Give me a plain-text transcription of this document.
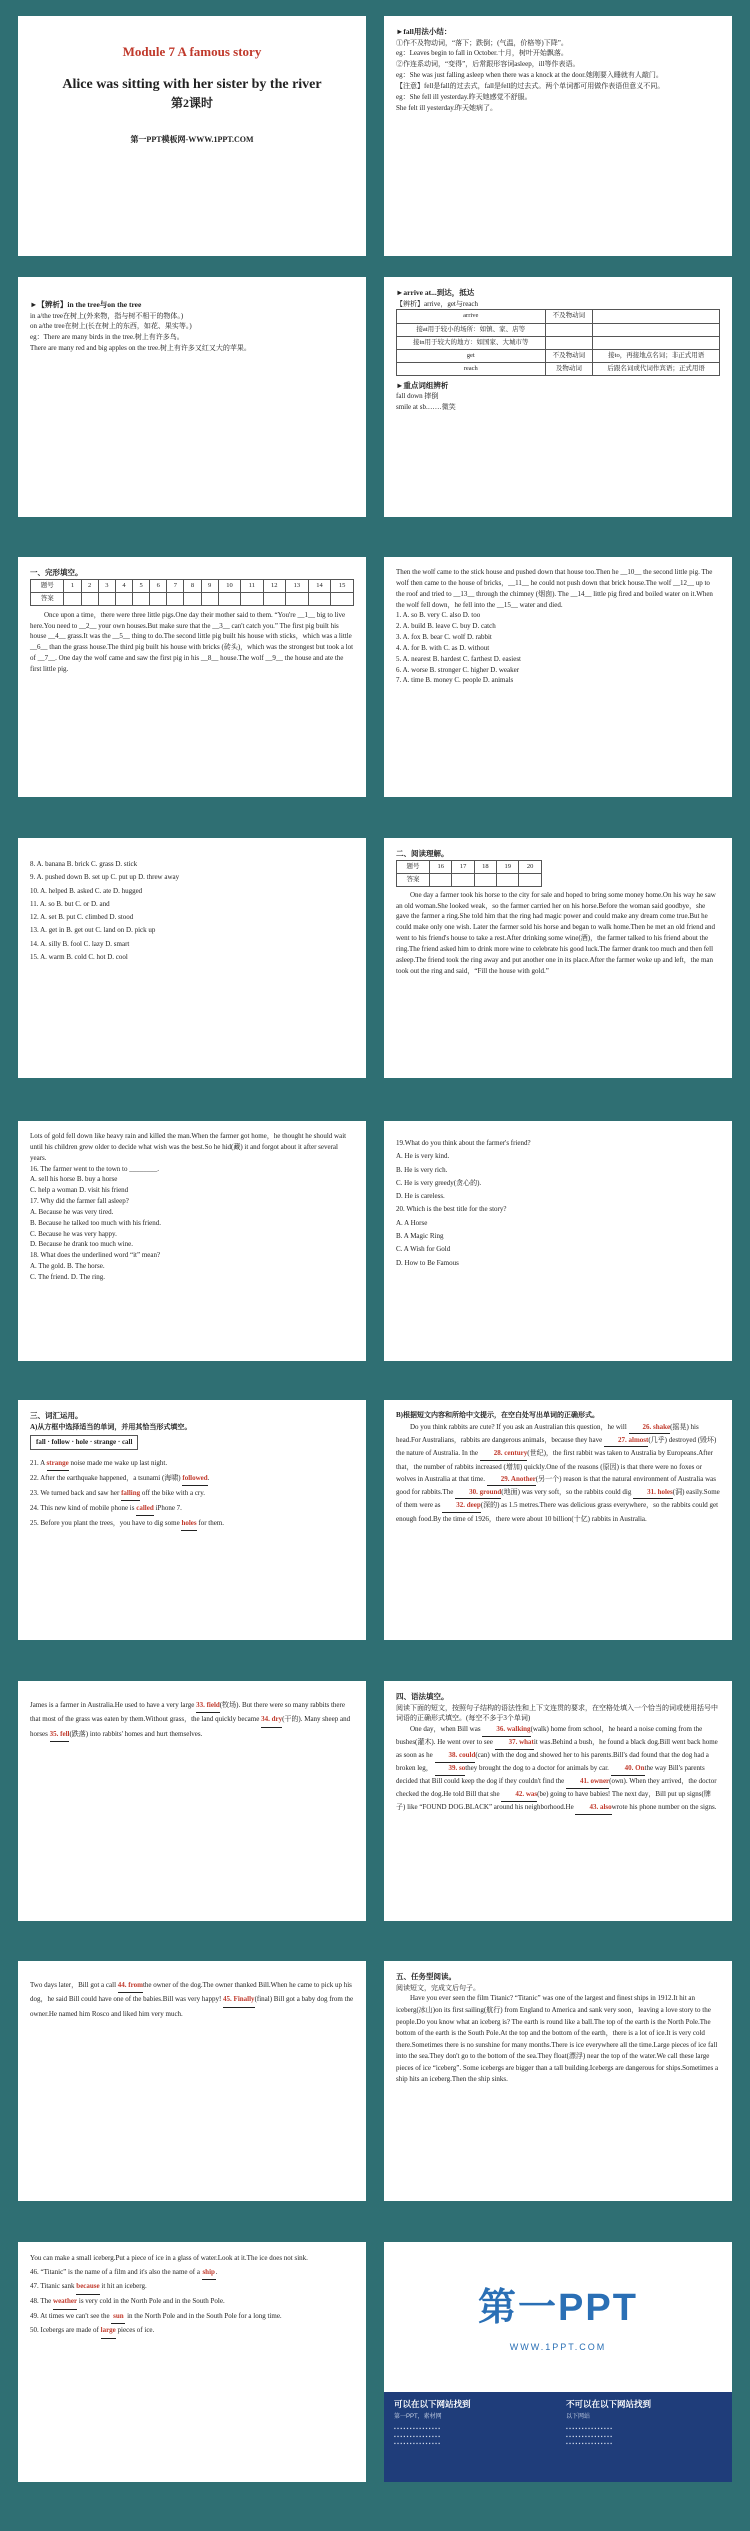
Module 7 A famous story
Alice was sitting with her sister by the river
第2课时
第一PPT模板网-WWW.1PPT.COM
►fall用法小结：
①作不及物动词，“落下；跌倒；(气温，价格等)下降”。
eg：Leaves begin to fall in October.十月，树叶开始飘落。
②作连系动词，“变得”，后常跟形容词asleep，ill等作表语。
eg：She was just falling asleep when there was a knock at the door.她刚要入睡就有人敲门。
【注意】fell是fall的过去式，fall是fell的过去式。两个单词都可用做作表语但意义不同。
eg：She fell ill yesterday.昨天她感觉不舒服。
She felt ill yesterday.昨天她病了。
►【辨析】in the tree与on the tree
in a/the tree在树上(外来物，指与树不相干的物体。)
on a/the tree在树上(长在树上的东西，如花、果实等。)
eg：There are many birds in the tree.树上有许多鸟。
There are many red and big apples on the tree.树上有许多又红又大的苹果。
►arrive at...到达，抵达
【辨析】arrive，get与reach
arrive	不及物动词	
接at用于较小的场所：如镇、家、店等		
接in用于较大的地方：如国家、大城市等		
get	不及物动词	接to，再接地点名词；非正式用语
reach	及物动词	后跟名词或代词作宾语；正式用语
►重点词组辨析
fall down 摔倒
smile at sb.……微笑
一、完形填空。
题号	1	2	3	4	5	6	7	8	9	10	11	12	13	14	15
答案															
Once upon a time，there were three little pigs.One day their mother said to them. “You're __1__ big to live here.You need to __2__ your own houses.But make sure that the __3__ can't catch you.” The first pig built his house __4__ grass.It was the __5__ thing to do.The second little pig built his house with sticks，which was a little __6__ than the grass house.The third pig built his house with bricks (砖头)，which was the strongest but took a lot of __7__. One day the wolf came and saw the first pig in his __8__ house.The wolf __9__ the house and ate the first little pig.
Then the wolf came to the stick house and pushed down that house too.Then he __10__ the second little pig. The wolf then came to the house of bricks，__11__ he could not push down that brick house.The wolf __12__ up to the roof and tried to __13__ through the chimney (烟囱). The __14__ little pig fired and boiled water on it.When the wolf fell down，he fell into the __15__ water and died.
1. A. so B. very C. also D. too
2. A. build B. leave C. buy D. catch
3. A. fox B. bear C. wolf D. rabbit
4. A. for B. with C. as D. without
5. A. nearest B. hardest C. farthest D. easiest
6. A. worse B. stronger C. higher D. weaker
7. A. time B. money C. people D. animals
8. A. banana B. brick C. grass D. stick
9. A. pushed down B. set up C. put up D. threw away
10. A. helped B. asked C. ate D. hugged
11. A. so B. but C. or D. and
12. A. set B. put C. climbed D. stood
13. A. get in B. get out C. land on D. pick up
14. A. silly B. fool C. lazy D. smart
15. A. warm B. cold C. hot D. cool
二、阅读理解。
题号	16	17	18	19	20
答案					
One day a farmer took his horse to the city for sale and hoped to bring some money home.On his way he saw an old woman.She looked weak，so the farmer carried her on his horse.Before the woman said goodbye，she gave the farmer a ring.She told him that the ring had magic power and could make any dream come true.But he could make only one wish. Later the farmer sold his horse and began to walk home.Then he met an old friend and went to his friend's house to take a rest.After drinking some wine(酒)，the farmer talked to his friend about the ring.The friend asked him to drink more wine to celebrate his good luck.The farmer drank too much and then fell asleep.The friend took the ring away and put another one in its place.After the farmer woke up and left，the man took out the ring and said，“Fill the house with gold.”
Lots of gold fell down like heavy rain and killed the man.When the farmer got home，he thought he should wait until his children grew older to decide what wish was the best.So he hid(藏) it and forgot about it after several years.
16. The farmer went to the town to ________.
A. sell his horse B. buy a horse
C. help a woman D. visit his friend
17. Why did the farmer fall asleep?
A. Because he was very tired.
B. Because he talked too much with his friend.
C. Because he was very happy.
D. Because he drank too much wine.
18. What does the underlined word “it” mean?
A. The gold. B. The horse.
C. The friend. D. The ring.
19.What do you think about the farmer's friend?
A. He is very kind.
B. He is very rich.
C. He is very greedy(贪心的).
D. He is careless.
20. Which is the best title for the story?
A. A Horse
B. A Magic Ring
C. A Wish for Gold
D. How to Be Famous
三、词汇运用。
A)从方框中选择适当的单词，并用其恰当形式填空。
fall · follow · hole · strange · call
21. A strange noise made me wake up last night.
22. After the earthquake happened，a tsunami (海啸) followed.
23. We turned back and saw her falling off the bike with a cry.
24. This new kind of mobile phone is called iPhone 7.
25. Before you plant the trees，you have to dig some holes for them.
B)根据短文内容和所给中文提示，在空白处写出单词的正确形式。
Do you think rabbits are cute? If you ask an Australian this question，he will 26. shake(摇晃) his head.For Australians，rabbits are dangerous animals，because they have 27. almost(几乎) destroyed (毁坏) the nature of Australia. In the 28. century(世纪)，the first rabbit was taken to Australia by Europeans.After that，the number of rabbits increased (增加) quickly.One of the reasons (原因) is that there were no foxes or wolves in Australia at that time. 29. Another(另一个) reason is that the natural environment of Australia was good for rabbits.The 30. ground(地面) was very soft，so the rabbits could dig 31. holes(洞) easily.Some of them were as 32. deep(深的) as 1.5 metres.There was delicious grass everywhere，so the rabbits could get enough food.By the time of 1926，there were about 10 billion(十亿) rabbits in Australia.
James is a farmer in Australia.He used to have a very large 33. field(牧场). But there were so many rabbits there that most of the grass was eaten by them.Without grass，the land quickly became 34. dry(干的). Many sheep and horses 35. fell(跌落) into rabbits' homes and hurt themselves.
四、语法填空。
阅读下面的短文，按照句子结构的语法性和上下文连贯的要求，在空格处填入一个恰当的词或使用括号中词语的正确形式填空。(每空不多于3个单词)
One day，when Bill was 36. walking(walk) home from school，he heard a noise coming from the bushes(灌木). He went over to see 37. whatit was.Behind a bush，he found a black dog.Bill went back home as soon as he 38. could(can) with the dog and showed her to his parents.Bill's dad found that the dog had a broken leg， 39. sothey brought the dog to a doctor for animals by car. 40. Onthe way Bill's parents decided that Bill could keep the dog if they couldn't find the 41. owner(own). When they arrived，the doctor checked the dog.He told Bill that she 42. was(be) going to have babies! The next day，Bill put up signs(牌子) like “FOUND DOG.BLACK” around his neighborhood.He 43. alsowrote his phone number on the signs.
Two days later，Bill got a call 44. fromthe owner of the dog.The owner thanked Bill.When he came to pick up his dog，he said Bill could have one of the babies.Bill was very happy! 45. Finally(final) Bill got a baby dog from the owner.He named him Rosco and liked him very much.
五、任务型阅读。
阅读短文，完成文后句子。
Have you ever seen the film Titanic? “Titanic” was one of the largest and finest ships in 1912.It hit an iceberg(冰山)on its first sailing(航行) from England to America and sank very soon，leaving a love story to the people.Do you know what an iceberg is? The earth is round like a ball.The top of the earth is the North Pole.The bottom of the earth is the South Pole.At the top and the bottom of the earth，there is a lot of ice.It is very cold there.Sometimes there is no sunshine for many months.There is ice everywhere all the time.Large pieces of ice fall into the sea.They don't go to the bottom of the sea.They float(漂浮) near the top of the water.We call these large pieces of ice “iceberg”. Some icebergs are bigger than a tall building.Icebergs are dangerous for ships.Sometimes a ship hits an iceberg.Then the ship sinks.
You can make a small iceberg.Put a piece of ice in a glass of water.Look at it.The ice does not sink.
46. “Titanic” is the name of a film and it's also the name of a ship.
47. Titanic sank because it hit an iceberg.
48. The weather is very cold in the North Pole and in the South Pole.
49. At times we can't see the sun in the North Pole and in the South Pole for a long time.
50. Icebergs are made of large pieces of ice.
第一PPT
WWW.1PPT.COM
可以在以下网站找到
第一PPT，素材网
▪ ▪ ▪ ▪ ▪ ▪ ▪ ▪ ▪ ▪ ▪ ▪ ▪ ▪ ▪
▪ ▪ ▪ ▪ ▪ ▪ ▪ ▪ ▪ ▪ ▪ ▪ ▪ ▪ ▪
▪ ▪ ▪ ▪ ▪ ▪ ▪ ▪ ▪ ▪ ▪ ▪ ▪ ▪ ▪
不可以在以下网站找到
以下网站
▪ ▪ ▪ ▪ ▪ ▪ ▪ ▪ ▪ ▪ ▪ ▪ ▪ ▪ ▪
▪ ▪ ▪ ▪ ▪ ▪ ▪ ▪ ▪ ▪ ▪ ▪ ▪ ▪ ▪
▪ ▪ ▪ ▪ ▪ ▪ ▪ ▪ ▪ ▪ ▪ ▪ ▪ ▪ ▪
